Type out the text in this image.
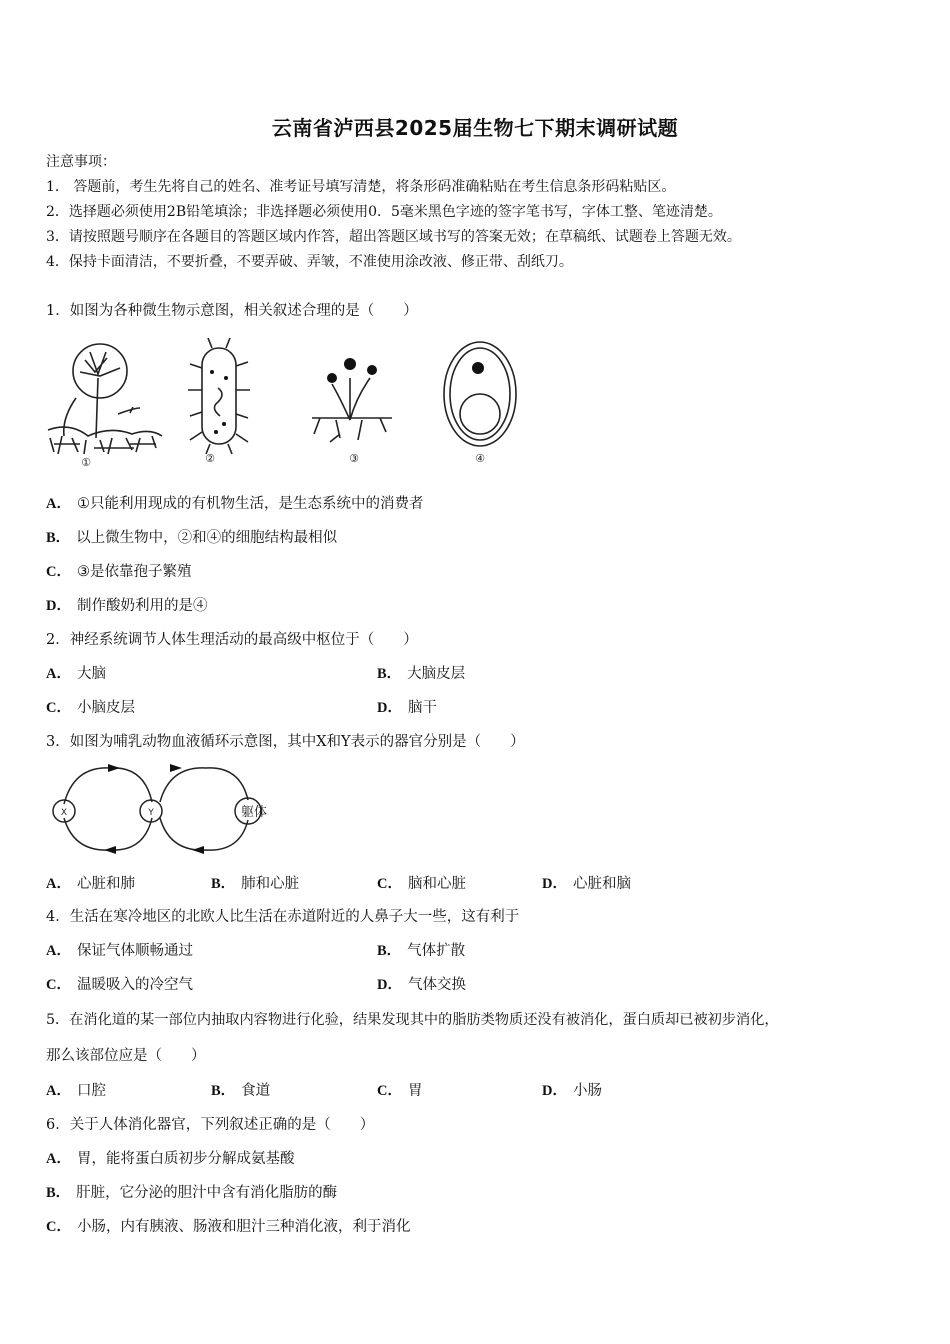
云南省泸西县2025届生物七下期末调研试题
注意事项：
1． 答题前，考生先将自己的姓名、准考证号填写清楚，将条形码准确粘贴在考生信息条形码粘贴区。
2．选择题必须使用2B铅笔填涂；非选择题必须使用0．5毫米黑色字迹的签字笔书写，字体工整、笔迹清楚。
3．请按照题号顺序在各题目的答题区域内作答，超出答题区域书写的答案无效；在草稿纸、试题卷上答题无效。
4．保持卡面清洁，不要折叠，不要弄破、弄皱，不准使用涂改液、修正带、刮纸刀。
1．如图为各种微生物示意图，相关叙述合理的是（　　）
①	②	③	④
A． ①只能利用现成的有机物生活，是生态系统中的消费者
B． 以上微生物中，②和④的细胞结构最相似
C． ③是依靠孢子繁殖
D． 制作酸奶利用的是④
2．神经系统调节人体生理活动的最高级中枢位于（　　）
A． 大脑	B． 大脑皮层
C． 小脑皮层	D． 脑干
3．如图为哺乳动物血液循环示意图，其中X和Y表示的器官分别是（　　）
X	Y	躯体
A． 心脏和肺	B． 肺和心脏	C． 脑和心脏	D． 心脏和脑
4．生活在寒冷地区的北欧人比生活在赤道附近的人鼻子大一些，这有利于
A． 保证气体顺畅通过	B． 气体扩散
C． 温暖吸入的冷空气	D． 气体交换
5．在消化道的某一部位内抽取内容物进行化验，结果发现其中的脂肪类物质还没有被消化，蛋白质却已被初步消化，
那么该部位应是（　　）
A． 口腔	B． 食道	C． 胃	D． 小肠
6．关于人体消化器官，下列叙述正确的是（　　）
A． 胃，能将蛋白质初步分解成氨基酸
B． 肝脏，它分泌的胆汁中含有消化脂肪的酶
C． 小肠，内有胰液、肠液和胆汁三种消化液，利于消化
